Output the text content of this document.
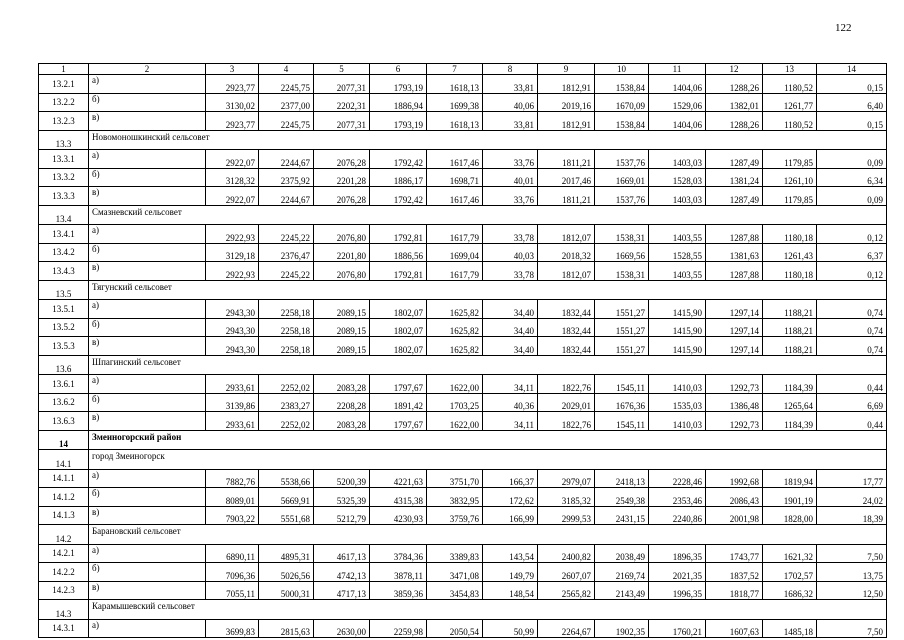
122
1	2	3	4	5	6	7	8	9	10	11	12	13	14
13.2.1	а)	2923,77	2245,75	2077,31	1793,19	1618,13	33,81	1812,91	1538,84	1404,06	1288,26	1180,52	0,15
13.2.2	б)	3130,02	2377,00	2202,31	1886,94	1699,38	40,06	2019,16	1670,09	1529,06	1382,01	1261,77	6,40
13.2.3	в)	2923,77	2245,75	2077,31	1793,19	1618,13	33,81	1812,91	1538,84	1404,06	1288,26	1180,52	0,15
13.3	Новомоношкинский сельсовет												
13.3.1	а)	2922,07	2244,67	2076,28	1792,42	1617,46	33,76	1811,21	1537,76	1403,03	1287,49	1179,85	0,09
13.3.2	б)	3128,32	2375,92	2201,28	1886,17	1698,71	40,01	2017,46	1669,01	1528,03	1381,24	1261,10	6,34
13.3.3	в)	2922,07	2244,67	2076,28	1792,42	1617,46	33,76	1811,21	1537,76	1403,03	1287,49	1179,85	0,09
13.4	Смазневский сельсовет												
13.4.1	а)	2922,93	2245,22	2076,80	1792,81	1617,79	33,78	1812,07	1538,31	1403,55	1287,88	1180,18	0,12
13.4.2	б)	3129,18	2376,47	2201,80	1886,56	1699,04	40,03	2018,32	1669,56	1528,55	1381,63	1261,43	6,37
13.4.3	в)	2922,93	2245,22	2076,80	1792,81	1617,79	33,78	1812,07	1538,31	1403,55	1287,88	1180,18	0,12
13.5	Тягунский сельсовет												
13.5.1	а)	2943,30	2258,18	2089,15	1802,07	1625,82	34,40	1832,44	1551,27	1415,90	1297,14	1188,21	0,74
13.5.2	б)	2943,30	2258,18	2089,15	1802,07	1625,82	34,40	1832,44	1551,27	1415,90	1297,14	1188,21	0,74
13.5.3	в)	2943,30	2258,18	2089,15	1802,07	1625,82	34,40	1832,44	1551,27	1415,90	1297,14	1188,21	0,74
13.6	Шпагинский сельсовет												
13.6.1	а)	2933,61	2252,02	2083,28	1797,67	1622,00	34,11	1822,76	1545,11	1410,03	1292,73	1184,39	0,44
13.6.2	б)	3139,86	2383,27	2208,28	1891,42	1703,25	40,36	2029,01	1676,36	1535,03	1386,48	1265,64	6,69
13.6.3	в)	2933,61	2252,02	2083,28	1797,67	1622,00	34,11	1822,76	1545,11	1410,03	1292,73	1184,39	0,44
14	Змеиногорский район												
14.1	город Змеиногорск												
14.1.1	а)	7882,76	5538,66	5200,39	4221,63	3751,70	166,37	2979,07	2418,13	2228,46	1992,68	1819,94	17,77
14.1.2	б)	8089,01	5669,91	5325,39	4315,38	3832,95	172,62	3185,32	2549,38	2353,46	2086,43	1901,19	24,02
14.1.3	в)	7903,22	5551,68	5212,79	4230,93	3759,76	166,99	2999,53	2431,15	2240,86	2001,98	1828,00	18,39
14.2	Барановский сельсовет												
14.2.1	а)	6890,11	4895,31	4617,13	3784,36	3389,83	143,54	2400,82	2038,49	1896,35	1743,77	1621,32	7,50
14.2.2	б)	7096,36	5026,56	4742,13	3878,11	3471,08	149,79	2607,07	2169,74	2021,35	1837,52	1702,57	13,75
14.2.3	в)	7055,11	5000,31	4717,13	3859,36	3454,83	148,54	2565,82	2143,49	1996,35	1818,77	1686,32	12,50
14.3	Карамышевский сельсовет												
14.3.1	а)	3699,83	2815,63	2630,00	2259,98	2050,54	50,99	2264,67	1902,35	1760,21	1607,63	1485,18	7,50
